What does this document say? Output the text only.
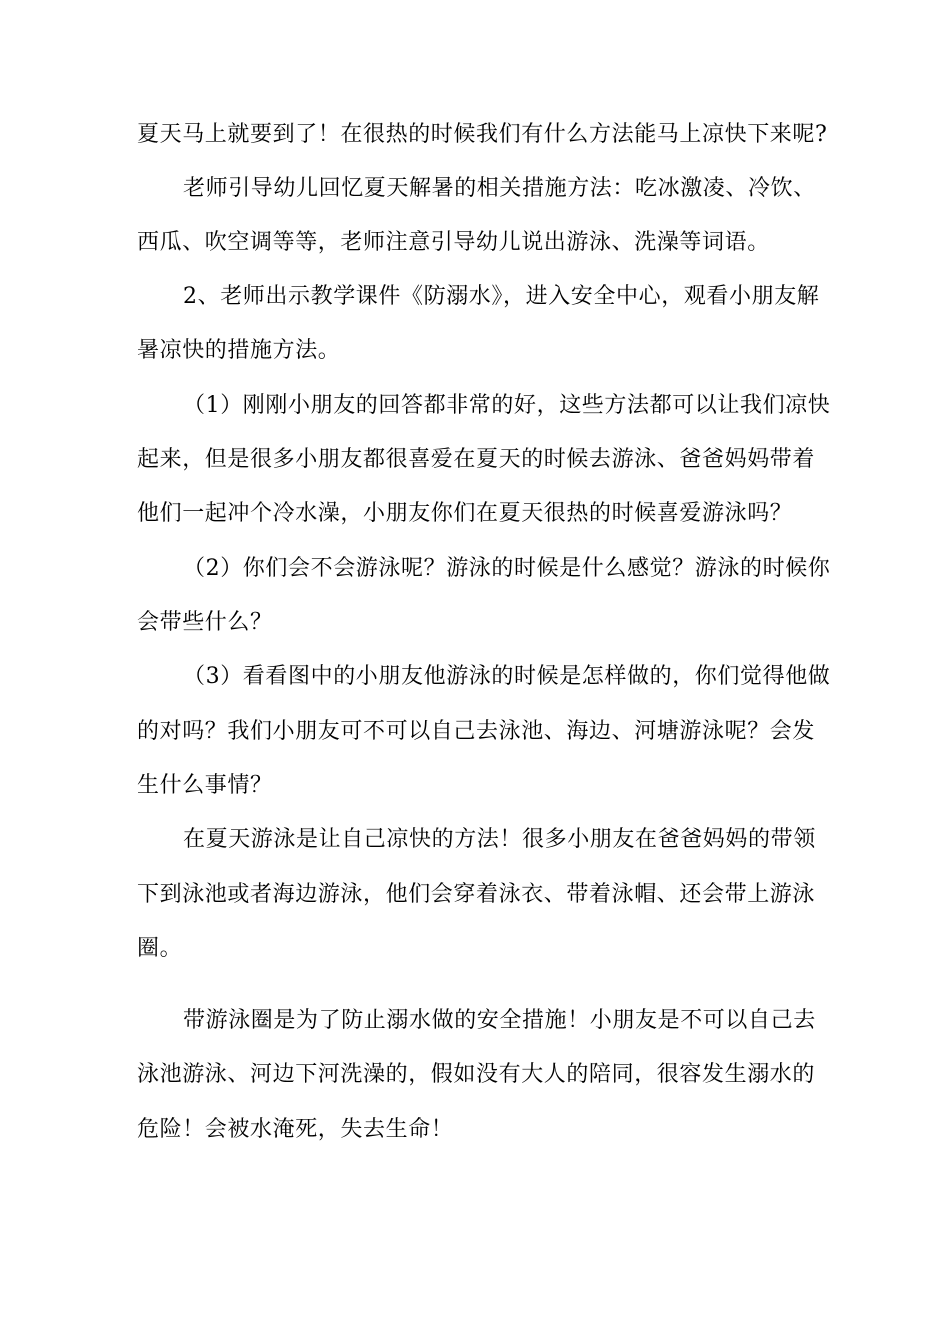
夏天马上就要到了！在很热的时候我们有什么方法能马上凉快下来呢?
老师引导幼儿回忆夏天解暑的相关措施方法：吃冰激凌、冷饮、
西瓜、吹空调等等，老师注意引导幼儿说出游泳、洗澡等词语。
2、老师出示教学课件《防溺水》，进入安全中心，观看小朋友解
暑凉快的措施方法。
（1）刚刚小朋友的回答都非常的好，这些方法都可以让我们凉快
起来，但是很多小朋友都很喜爱在夏天的时候去游泳、爸爸妈妈带着
他们一起冲个冷水澡，小朋友你们在夏天很热的时候喜爱游泳吗？
（2）你们会不会游泳呢？游泳的时候是什么感觉？游泳的时候你
会带些什么？
（3）看看图中的小朋友他游泳的时候是怎样做的，你们觉得他做
的对吗？我们小朋友可不可以自己去泳池、海边、河塘游泳呢？会发
生什么事情？
在夏天游泳是让自己凉快的方法！很多小朋友在爸爸妈妈的带领
下到泳池或者海边游泳，他们会穿着泳衣、带着泳帽、还会带上游泳
圈。
带游泳圈是为了防止溺水做的安全措施！小朋友是不可以自己去
泳池游泳、河边下河洗澡的，假如没有大人的陪同，很容发生溺水的
危险！会被水淹死，失去生命！
